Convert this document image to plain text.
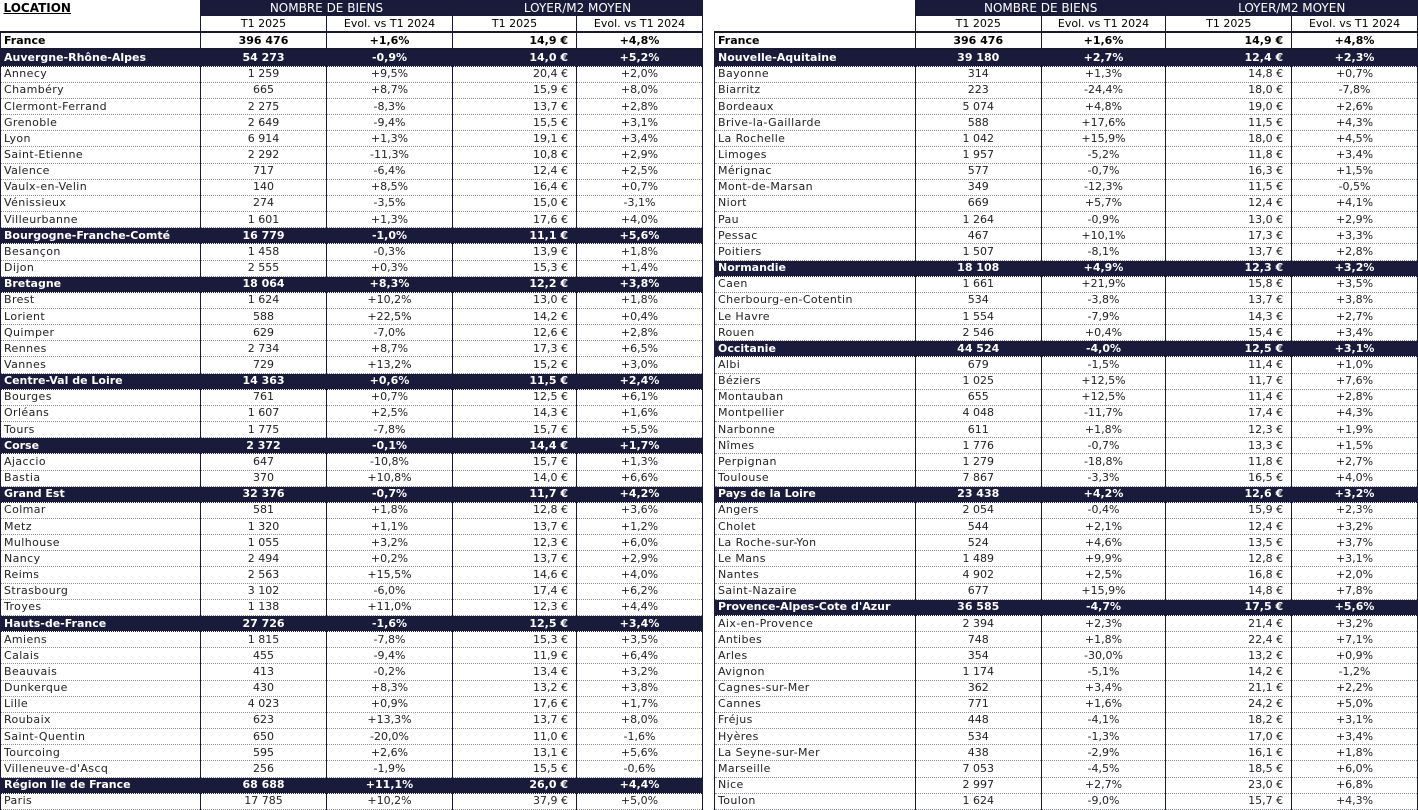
LOCATION	NOMBRE DE BIENS		LOYER/M2 MOYEN	
	T1 2025	Evol. vs T1 2024	T1 2025	Evol. vs T1 2024
France	396 476	+1,6%	14,9 €	+4,8%
Auvergne-Rhône-Alpes	54 273	-0,9%	14,0 €	+5,2%
Annecy	1 259	+9,5%	20,4 €	+2,0%
Chambéry	665	+8,7%	15,9 €	+8,0%
Clermont-Ferrand	2 275	-8,3%	13,7 €	+2,8%
Grenoble	2 649	-9,4%	15,5 €	+3,1%
Lyon	6 914	+1,3%	19,1 €	+3,4%
Saint-Etienne	2 292	-11,3%	10,8 €	+2,9%
Valence	717	-6,4%	12,4 €	+2,5%
Vaulx-en-Velin	140	+8,5%	16,4 €	+0,7%
Vénissieux	274	-3,5%	15,0 €	-3,1%
Villeurbanne	1 601	+1,3%	17,6 €	+4,0%
Bourgogne-Franche-Comté	16 779	-1,0%	11,1 €	+5,6%
Besançon	1 458	-0,3%	13,9 €	+1,8%
Dijon	2 555	+0,3%	15,3 €	+1,4%
Bretagne	18 064	+8,3%	12,2 €	+3,8%
Brest	1 624	+10,2%	13,0 €	+1,8%
Lorient	588	+22,5%	14,2 €	+0,4%
Quimper	629	-7,0%	12,6 €	+2,8%
Rennes	2 734	+8,7%	17,3 €	+6,5%
Vannes	729	+13,2%	15,2 €	+3,0%
Centre-Val de Loire	14 363	+0,6%	11,5 €	+2,4%
Bourges	761	+0,7%	12,5 €	+6,1%
Orléans	1 607	+2,5%	14,3 €	+1,6%
Tours	1 775	-7,8%	15,7 €	+5,5%
Corse	2 372	-0,1%	14,4 €	+1,7%
Ajaccio	647	-10,8%	15,7 €	+1,3%
Bastia	370	+10,8%	14,0 €	+6,6%
Grand Est	32 376	-0,7%	11,7 €	+4,2%
Colmar	581	+1,8%	12,8 €	+3,6%
Metz	1 320	+1,1%	13,7 €	+1,2%
Mulhouse	1 055	+3,2%	12,3 €	+6,0%
Nancy	2 494	+0,2%	13,7 €	+2,9%
Reims	2 563	+15,5%	14,6 €	+4,0%
Strasbourg	3 102	-6,0%	17,4 €	+6,2%
Troyes	1 138	+11,0%	12,3 €	+4,4%
Hauts-de-France	27 726	-1,6%	12,5 €	+3,4%
Amiens	1 815	-7,8%	15,3 €	+3,5%
Calais	455	-9,4%	11,9 €	+6,4%
Beauvais	413	-0,2%	13,4 €	+3,2%
Dunkerque	430	+8,3%	13,2 €	+3,8%
Lille	4 023	+0,9%	17,6 €	+1,7%
Roubaix	623	+13,3%	13,7 €	+8,0%
Saint-Quentin	650	-20,0%	11,0 €	-1,6%
Tourcoing	595	+2,6%	13,1 €	+5,6%
Villeneuve-d'Ascq	256	-1,9%	15,5 €	-0,6%
Région Ile de France	68 688	+11,1%	26,0 €	+4,4%
Paris	17 785	+10,2%	37,9 €	+5,0%
	NOMBRE DE BIENS		LOYER/M2 MOYEN	
	T1 2025	Evol. vs T1 2024	T1 2025	Evol. vs T1 2024
France	396 476	+1,6%	14,9 €	+4,8%
Nouvelle-Aquitaine	39 180	+2,7%	12,4 €	+2,3%
Bayonne	314	+1,3%	14,8 €	+0,7%
Biarritz	223	-24,4%	18,0 €	-7,8%
Bordeaux	5 074	+4,8%	19,0 €	+2,6%
Brive-la-Gaillarde	588	+17,6%	11,5 €	+4,3%
La Rochelle	1 042	+15,9%	18,0 €	+4,5%
Limoges	1 957	-5,2%	11,8 €	+3,4%
Mérignac	577	-0,7%	16,3 €	+1,5%
Mont-de-Marsan	349	-12,3%	11,5 €	-0,5%
Niort	669	+5,7%	12,4 €	+4,1%
Pau	1 264	-0,9%	13,0 €	+2,9%
Pessac	467	+10,1%	17,3 €	+3,3%
Poitiers	1 507	-8,1%	13,7 €	+2,8%
Normandie	18 108	+4,9%	12,3 €	+3,2%
Caen	1 661	+21,9%	15,8 €	+3,5%
Cherbourg-en-Cotentin	534	-3,8%	13,7 €	+3,8%
Le Havre	1 554	-7,9%	14,3 €	+2,7%
Rouen	2 546	+0,4%	15,4 €	+3,4%
Occitanie	44 524	-4,0%	12,5 €	+3,1%
Albi	679	-1,5%	11,4 €	+1,0%
Béziers	1 025	+12,5%	11,7 €	+7,6%
Montauban	655	+12,5%	11,4 €	+2,8%
Montpellier	4 048	-11,7%	17,4 €	+4,3%
Narbonne	611	+1,8%	12,3 €	+1,9%
Nîmes	1 776	-0,7%	13,3 €	+1,5%
Perpignan	1 279	-18,8%	11,8 €	+2,7%
Toulouse	7 867	-3,3%	16,5 €	+4,0%
Pays de la Loire	23 438	+4,2%	12,6 €	+3,2%
Angers	2 054	-0,4%	15,9 €	+2,3%
Cholet	544	+2,1%	12,4 €	+3,2%
La Roche-sur-Yon	524	+4,6%	13,5 €	+3,7%
Le Mans	1 489	+9,9%	12,8 €	+3,1%
Nantes	4 902	+2,5%	16,8 €	+2,0%
Saint-Nazaire	677	+15,9%	14,8 €	+7,8%
Provence-Alpes-Cote d'Azur	36 585	-4,7%	17,5 €	+5,6%
Aix-en-Provence	2 394	+2,3%	21,4 €	+3,2%
Antibes	748	+1,8%	22,4 €	+7,1%
Arles	354	-30,0%	13,2 €	+0,9%
Avignon	1 174	-5,1%	14,2 €	-1,2%
Cagnes-sur-Mer	362	+3,4%	21,1 €	+2,2%
Cannes	771	+1,6%	24,2 €	+5,0%
Fréjus	448	-4,1%	18,2 €	+3,1%
Hyères	534	-1,3%	17,0 €	+3,4%
La Seyne-sur-Mer	438	-2,9%	16,1 €	+1,8%
Marseille	7 053	-4,5%	18,5 €	+6,0%
Nice	2 997	+2,7%	23,0 €	+6,8%
Toulon	1 624	-9,0%	15,7 €	+4,3%
